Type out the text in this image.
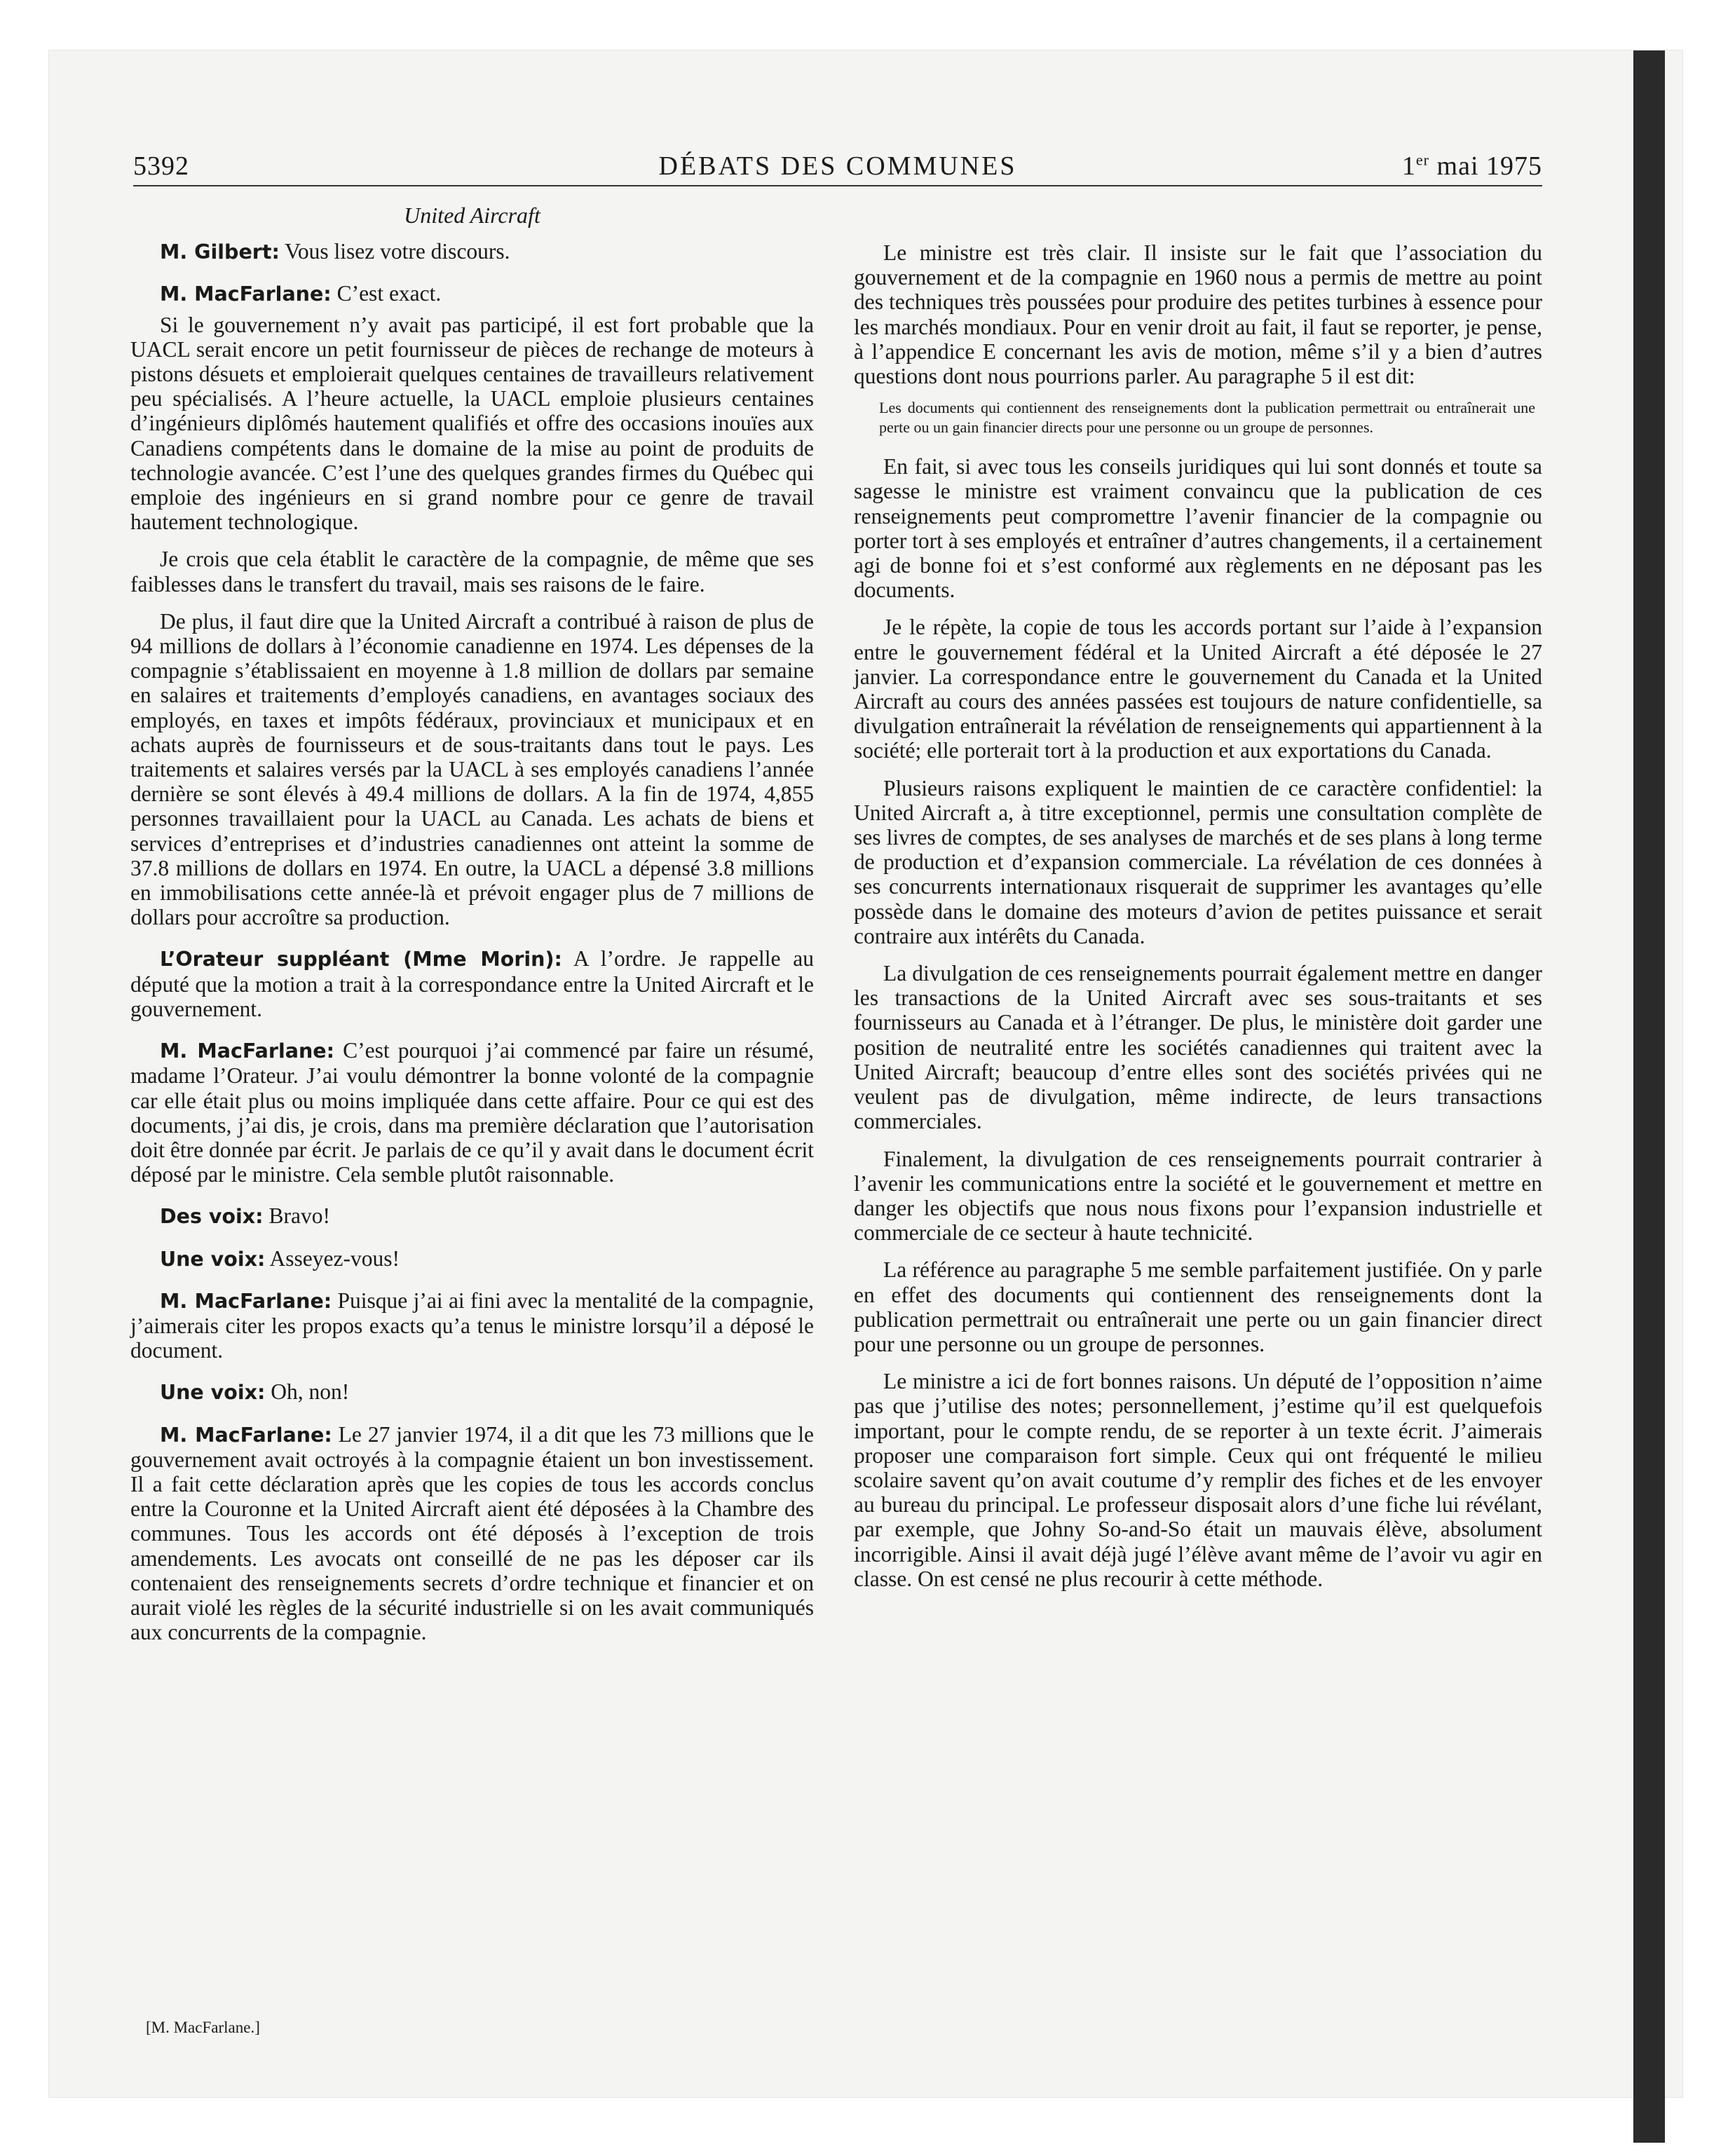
5392	DÉBATS DES COMMUNES	1er mai 1975
United Aircraft

M. Gilbert: Vous lisez votre discours.

M. MacFarlane: C’est exact.

Si le gouvernement n’y avait pas participé, il est fort probable que la UACL serait encore un petit fournisseur de pièces de rechange de moteurs à pistons désuets et emploierait quelques centaines de travailleurs relativement peu spécialisés. A l’heure actuelle, la UACL emploie plusieurs centaines d’ingénieurs diplômés hautement qualifiés et offre des occasions inouïes aux Canadiens compétents dans le domaine de la mise au point de produits de technologie avancée. C’est l’une des quelques grandes firmes du Québec qui emploie des ingénieurs en si grand nombre pour ce genre de travail hautement technologique.

Je crois que cela établit le caractère de la compagnie, de même que ses faiblesses dans le transfert du travail, mais ses raisons de le faire.

De plus, il faut dire que la United Aircraft a contribué à raison de plus de 94 millions de dollars à l’économie canadienne en 1974. Les dépenses de la compagnie s’établissaient en moyenne à 1.8 million de dollars par semaine en salaires et traitements d’employés canadiens, en avantages sociaux des employés, en taxes et impôts fédéraux, provinciaux et municipaux et en achats auprès de fournisseurs et de sous-traitants dans tout le pays. Les traitements et salaires versés par la UACL à ses employés canadiens l’année dernière se sont élevés à 49.4 millions de dollars. A la fin de 1974, 4,855 personnes travaillaient pour la UACL au Canada. Les achats de biens et services d’entreprises et d’industries canadiennes ont atteint la somme de 37.8 millions de dollars en 1974. En outre, la UACL a dépensé 3.8 millions en immobilisations cette année-là et prévoit engager plus de 7 millions de dollars pour accroître sa production.

L’Orateur suppléant (Mme Morin): A l’ordre. Je rappelle au député que la motion a trait à la correspondance entre la United Aircraft et le gouvernement.

M. MacFarlane: C’est pourquoi j’ai commencé par faire un résumé, madame l’Orateur. J’ai voulu démontrer la bonne volonté de la compagnie car elle était plus ou moins impliquée dans cette affaire. Pour ce qui est des documents, j’ai dis, je crois, dans ma première déclaration que l’autorisation doit être donnée par écrit. Je parlais de ce qu’il y avait dans le document écrit déposé par le ministre. Cela semble plutôt raisonnable.

Des voix: Bravo!

Une voix: Asseyez-vous!

M. MacFarlane: Puisque j’ai ai fini avec la mentalité de la compagnie, j’aimerais citer les propos exacts qu’a tenus le ministre lorsqu’il a déposé le document.

Une voix: Oh, non!

M. MacFarlane: Le 27 janvier 1974, il a dit que les 73 millions que le gouvernement avait octroyés à la compagnie étaient un bon investissement. Il a fait cette déclaration après que les copies de tous les accords conclus entre la Couronne et la United Aircraft aient été déposées à la Chambre des communes. Tous les accords ont été déposés à l’exception de trois amendements. Les avocats ont conseillé de ne pas les déposer car ils contenaient des renseignements secrets d’ordre technique et financier et on aurait violé les règles de la sécurité industrielle si on les avait communiqués aux concurrents de la compagnie.

[M. MacFarlane.]

Le ministre est très clair. Il insiste sur le fait que l’association du gouvernement et de la compagnie en 1960 nous a permis de mettre au point des techniques très poussées pour produire des petites turbines à essence pour les marchés mondiaux. Pour en venir droit au fait, il faut se reporter, je pense, à l’appendice E concernant les avis de motion, même s’il y a bien d’autres questions dont nous pourrions parler. Au paragraphe 5 il est dit:

Les documents qui contiennent des renseignements dont la publication permettrait ou entraînerait une perte ou un gain financier directs pour une personne ou un groupe de personnes.

En fait, si avec tous les conseils juridiques qui lui sont donnés et toute sa sagesse le ministre est vraiment convaincu que la publication de ces renseignements peut compromettre l’avenir financier de la compagnie ou porter tort à ses employés et entraîner d’autres changements, il a certainement agi de bonne foi et s’est conformé aux règlements en ne déposant pas les documents.

Je le répète, la copie de tous les accords portant sur l’aide à l’expansion entre le gouvernement fédéral et la United Aircraft a été déposée le 27 janvier. La correspondance entre le gouvernement du Canada et la United Aircraft au cours des années passées est toujours de nature confidentielle, sa divulgation entraînerait la révélation de renseignements qui appartiennent à la société; elle porterait tort à la production et aux exportations du Canada.

Plusieurs raisons expliquent le maintien de ce caractère confidentiel: la United Aircraft a, à titre exceptionnel, permis une consultation complète de ses livres de comptes, de ses analyses de marchés et de ses plans à long terme de production et d’expansion commerciale. La révélation de ces données à ses concurrents internationaux risquerait de supprimer les avantages qu’elle possède dans le domaine des moteurs d’avion de petites puissance et serait contraire aux intérêts du Canada.

La divulgation de ces renseignements pourrait également mettre en danger les transactions de la United Aircraft avec ses sous-traitants et ses fournisseurs au Canada et à l’étranger. De plus, le ministère doit garder une position de neutralité entre les sociétés canadiennes qui traitent avec la United Aircraft; beaucoup d’entre elles sont des sociétés privées qui ne veulent pas de divulgation, même indirecte, de leurs transactions commerciales.

Finalement, la divulgation de ces renseignements pourrait contrarier à l’avenir les communications entre la société et le gouvernement et mettre en danger les objectifs que nous nous fixons pour l’expansion industrielle et commerciale de ce secteur à haute technicité.

La référence au paragraphe 5 me semble parfaitement justifiée. On y parle en effet des documents qui contiennent des renseignements dont la publication permettrait ou entraînerait une perte ou un gain financier direct pour une personne ou un groupe de personnes.

Le ministre a ici de fort bonnes raisons. Un député de l’opposition n’aime pas que j’utilise des notes; personnellement, j’estime qu’il est quelquefois important, pour le compte rendu, de se reporter à un texte écrit. J’aimerais proposer une comparaison fort simple. Ceux qui ont fréquenté le milieu scolaire savent qu’on avait coutume d’y remplir des fiches et de les envoyer au bureau du principal. Le professeur disposait alors d’une fiche lui révélant, par exemple, que Johny So-and-So était un mauvais élève, absolument incorrigible. Ainsi il avait déjà jugé l’élève avant même de l’avoir vu agir en classe. On est censé ne plus recourir à cette méthode.
